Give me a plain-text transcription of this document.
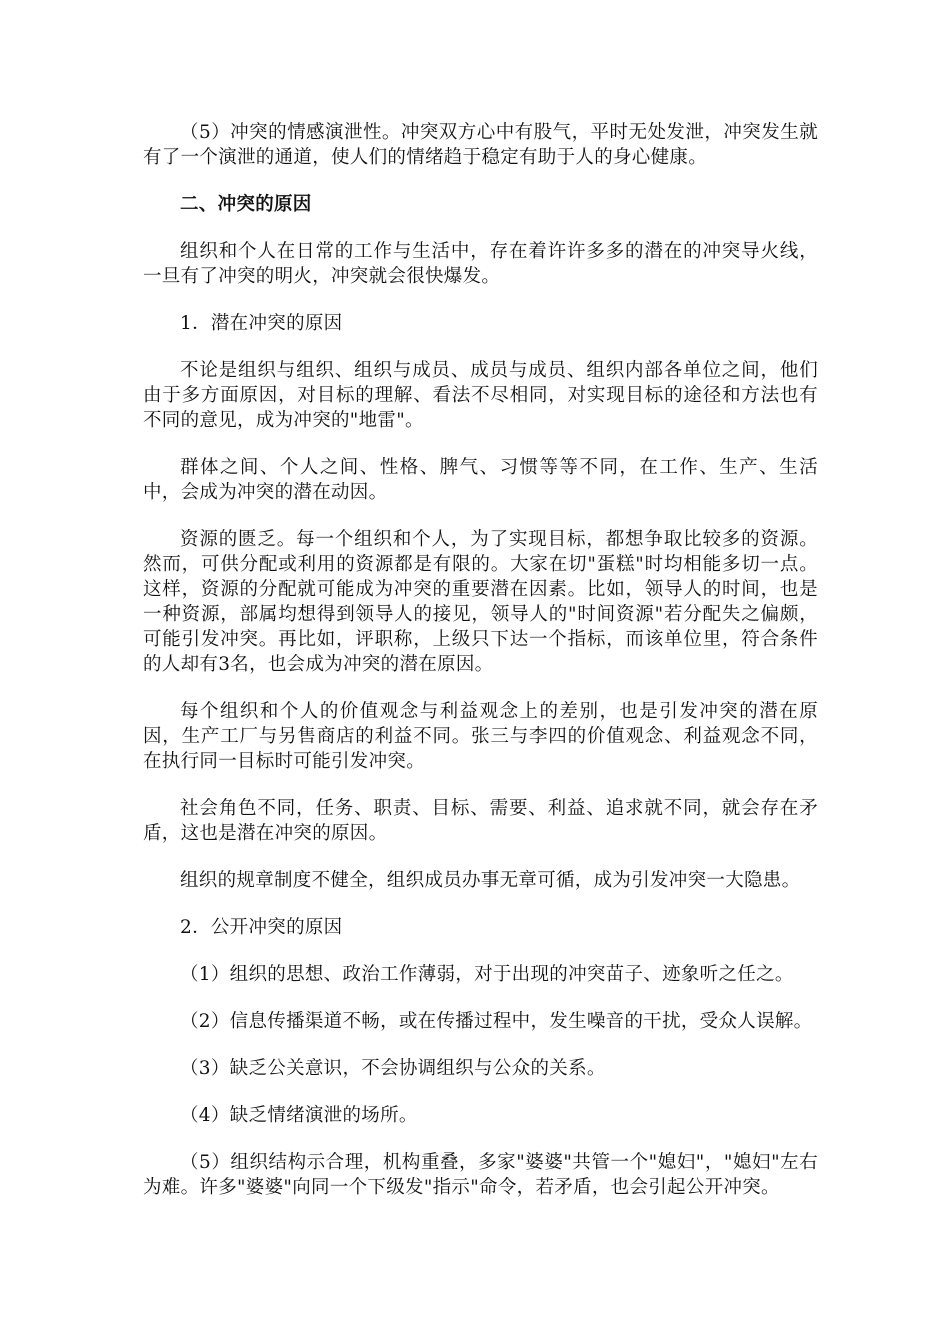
（5）冲突的情感演泄性。冲突双方心中有股气，平时无处发泄，冲突发生就有了一个演泄的通道，使人们的情绪趋于稳定有助于人的身心健康。

二、冲突的原因

组织和个人在日常的工作与生活中，存在着许许多多的潜在的冲突导火线，一旦有了冲突的明火，冲突就会很快爆发。

1．潜在冲突的原因

不论是组织与组织、组织与成员、成员与成员、组织内部各单位之间，他们由于多方面原因，对目标的理解、看法不尽相同，对实现目标的途径和方法也有不同的意见，成为冲突的"地雷"。

群体之间、个人之间、性格、脾气、习惯等等不同，在工作、生产、生活中，会成为冲突的潜在动因。

资源的匮乏。每一个组织和个人，为了实现目标，都想争取比较多的资源。然而，可供分配或利用的资源都是有限的。大家在切"蛋糕"时均相能多切一点。这样，资源的分配就可能成为冲突的重要潜在因素。比如，领导人的时间，也是一种资源，部属均想得到领导人的接见，领导人的"时间资源"若分配失之偏颇，可能引发冲突。再比如，评职称，上级只下达一个指标，而该单位里，符合条件的人却有3名，也会成为冲突的潜在原因。

每个组织和个人的价值观念与利益观念上的差别，也是引发冲突的潜在原因，生产工厂与另售商店的利益不同。张三与李四的价值观念、利益观念不同，在执行同一目标时可能引发冲突。

社会角色不同，任务、职责、目标、需要、利益、追求就不同，就会存在矛盾，这也是潜在冲突的原因。

组织的规章制度不健全，组织成员办事无章可循，成为引发冲突一大隐患。

2．公开冲突的原因

（1）组织的思想、政治工作薄弱，对于出现的冲突苗子、迹象听之任之。

（2）信息传播渠道不畅，或在传播过程中，发生噪音的干扰，受众人误解。

（3）缺乏公关意识，不会协调组织与公众的关系。

（4）缺乏情绪演泄的场所。

（5）组织结构示合理，机构重叠，多家"婆婆"共管一个"媳妇"，"媳妇"左右为难。许多"婆婆"向同一个下级发"指示"命令，若矛盾，也会引起公开冲突。
